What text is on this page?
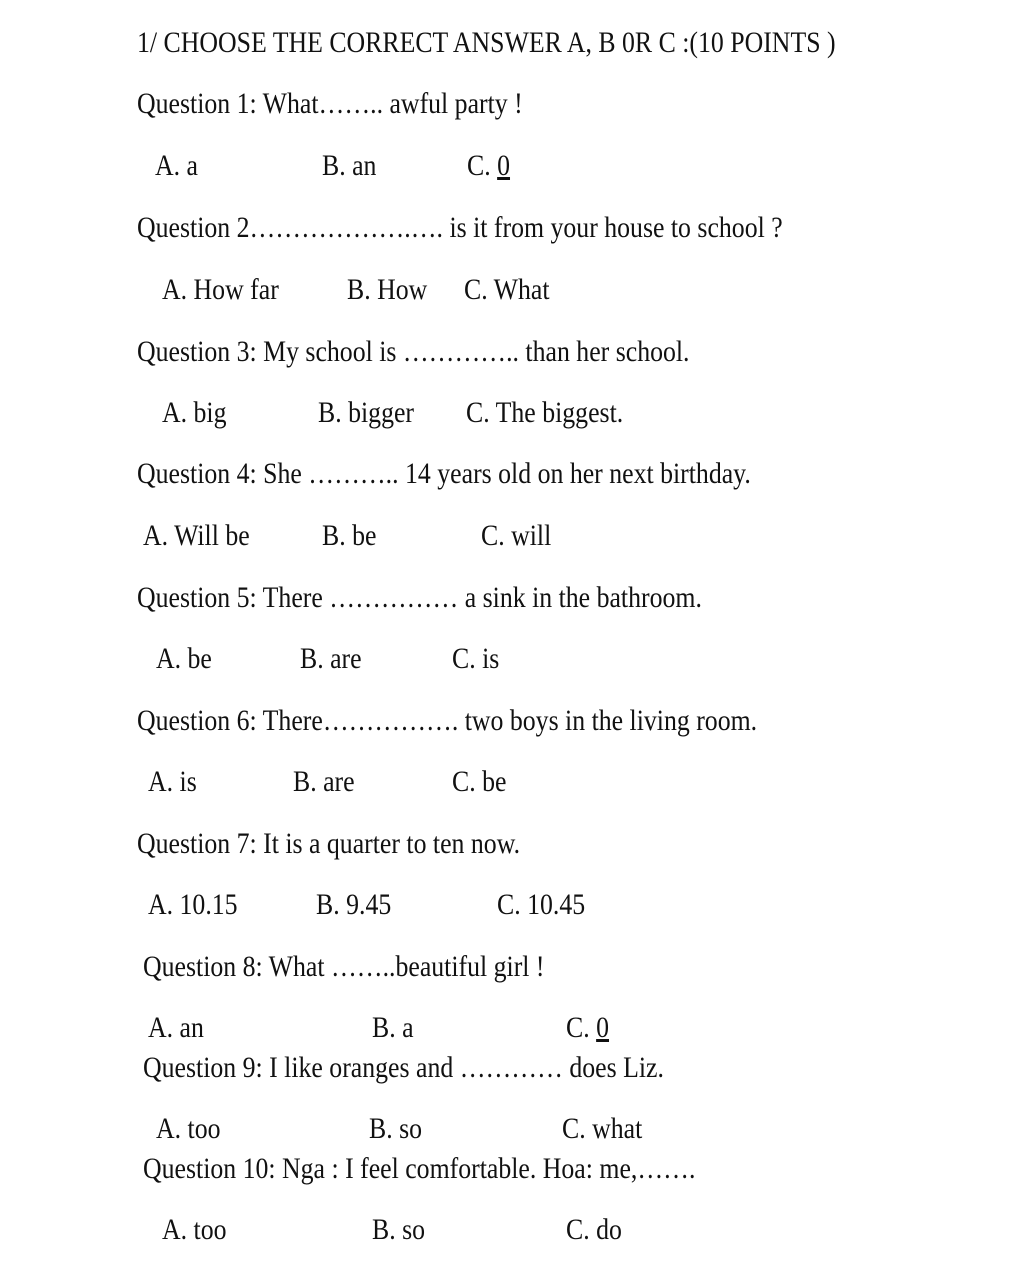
1/ CHOOSE THE CORRECT ANSWER A, B 0R C :(10 POINTS )
Question 1: What…….. awful party !
A. a	B. an	C. 0
Question 2……………….…. is it from your house to school ?
A. How far B. How C. What
Question 3: My school is ………….. than her school.
A. big	B. bigger C. The biggest.
Question 4: She ……….. 14 years old on her next birthday.
A. Will be B. be	C. will
Question 5: There …………… a sink in the bathroom.
A. be	B. are	C. is
Question 6: There……………. two boys in the living room.
A. is	B. are	C. be
Question 7: It is a quarter to ten now.
A. 10.15	B. 9.45	C. 10.45
Question 8: What ……..beautiful girl !
A. an	B. a	C. 0
Question 9: I like oranges and ………… does Liz.
A. too	B. so	C. what
Question 10: Nga : I feel comfortable. Hoa: me,…….
A. too	B. so	C. do
